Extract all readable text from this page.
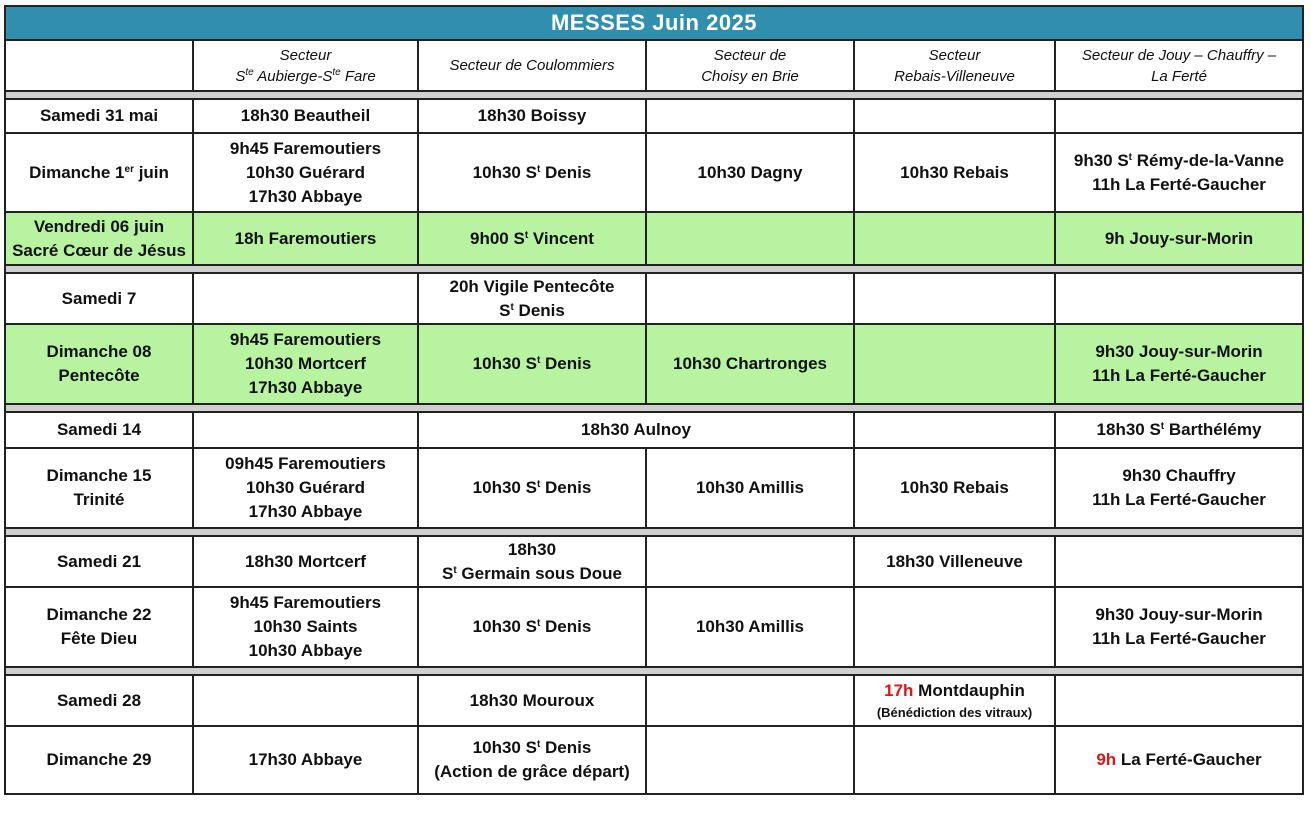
MESSES Juin 2025					

	Secteur
$S^{te}$ Aubierge-$S^{te}$ Fare	Secteur de Coulommiers	Secteur de
Choisy en Brie	Secteur
Rebais-Villeneuve	Secteur de Jouy – Chauffry –
La Ferté

Samedi 31 mai	18h30 Beautheil	18h30 Boissy			
Dimanche 1er juin	9h45 Faremoutiers
10h30 Guérard
17h30 Abbaye	10h30 $S^t$ Denis	10h30 Dagny	10h30 Rebais	9h30 $S^t$ Rémy-de-la-Vanne
11h La Ferté-Gaucher

Vendredi 06 juin
Sacré Cœur de Jésus	18h Faremoutiers	9h00 $S^t$ Vincent			9h Jouy-sur-Morin

Samedi 7		20h Vigile Pentecôte
$S^t$ Denis			

Dimanche 08
Pentecôte	9h45 Faremoutiers
10h30 Mortcerf
17h30 Abbaye	10h30 $S^t$ Denis	10h30 Chartronges		9h30 Jouy-sur-Morin
11h La Ferté-Gaucher

Samedi 14		18h30 Aulnoy			18h30 $S^t$ Barthélémy

Dimanche 15
Trinité	09h45 Faremoutiers
10h30 Guérard
17h30 Abbaye	10h30 $S^t$ Denis	10h30 Amillis	10h30 Rebais	9h30 Chauffry
11h La Ferté-Gaucher

Samedi 21	18h30 Mortcerf	18h30
$S^t$ Germain sous Doue		18h30 Villeneuve	

Dimanche 22
Fête Dieu	9h45 Faremoutiers
10h30 Saints
10h30 Abbaye	10h30 $S^t$ Denis	10h30 Amillis		9h30 Jouy-sur-Morin
11h La Ferté-Gaucher

Samedi 28		18h30 Mouroux		17h Montdauphin
(Bénédiction des vitraux)	

Dimanche 29	17h30 Abbaye	10h30 $S^t$ Denis
(Action de grâce départ)			9h La Ferté-Gaucher
